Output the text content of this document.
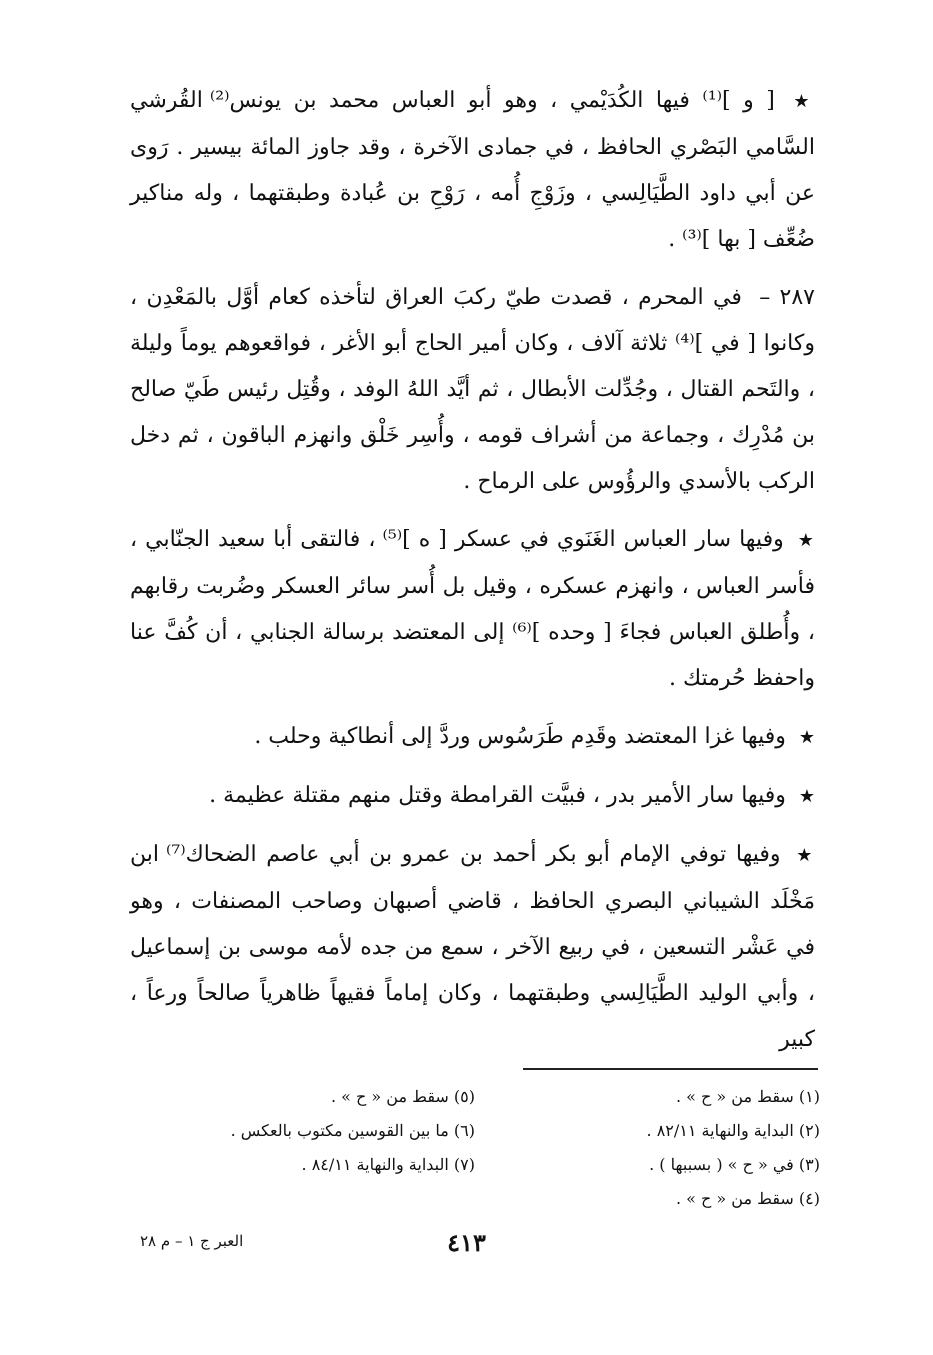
★ [ و ]⁽¹⁾ فيها الكُدَيْمي ، وهو أبو العباس محمد بن يونس⁽²⁾ القُرشي السَّامي البَصْري الحافظ ، في جمادى الآخرة ، وقد جاوز المائة بيسير . رَوى عن أبي داود الطَّيَالِسي ، وزَوْجِ أُمه ، رَوْحِ بن عُبادة وطبقتهما ، وله مناكير ضُعِّف [ بها ]⁽³⁾ .

٢٨٧ – في المحرم ، قصدت طيّ ركبَ العراق لتأخذه كعام أوَّل بالمَعْدِن ، وكانوا [ في ]⁽⁴⁾ ثلاثة آلاف ، وكان أمير الحاج أبو الأغر ، فواقعوهم يوماً وليلة ، والتَحم القتال ، وجُدِّلت الأبطال ، ثم أيَّد اللهُ الوفد ، وقُتِل رئيس طَيّ صالح بن مُدْرِك ، وجماعة من أشراف قومه ، وأُسِر خَلْق وانهزم الباقون ، ثم دخل الركب بالأسدي والرؤُوس على الرماح .

★ وفيها سار العباس الغَنَوي في عسكر [ ه ]⁽⁵⁾ ، فالتقى أبا سعيد الجنّابي ، فأسر العباس ، وانهزم عسكره ، وقيل بل أُسر سائر العسكر وضُربت رقابهم ، وأُطلق العباس فجاءَ [ وحده ]⁽⁶⁾ إلى المعتضد برسالة الجنابي ، أن كُفَّ عنا واحفظ حُرمتك .

★ وفيها غزا المعتضد وقَدِم طَرَسُوس وردَّ إلى أنطاكية وحلب .

★ وفيها سار الأمير بدر ، فبيَّت القرامطة وقتل منهم مقتلة عظيمة .

★ وفيها توفي الإمام أبو بكر أحمد بن عمرو بن أبي عاصم الضحاك⁽⁷⁾ ابن مَخْلَد الشيباني البصري الحافظ ، قاضي أصبهان وصاحب المصنفات ، وهو في عَشْر التسعين ، في ربيع الآخر ، سمع من جده لأمه موسى بن إسماعيل ، وأبي الوليد الطَّيَالِسي وطبقتهما ، وكان إماماً فقيهاً ظاهرياً صالحاً ورعاً ، كبير

(١) سقط من « ح » .
(٢) البداية والنهاية ٨٢/١١ .
(٣) في « ح » ( بسببها ) .
(٤) سقط من « ح » .
(٥) سقط من « ح » .
(٦) ما بين القوسين مكتوب بالعكس .
(٧) البداية والنهاية ٨٤/١١ .
٤١٣
العبر ج ١ – م ٢٨
